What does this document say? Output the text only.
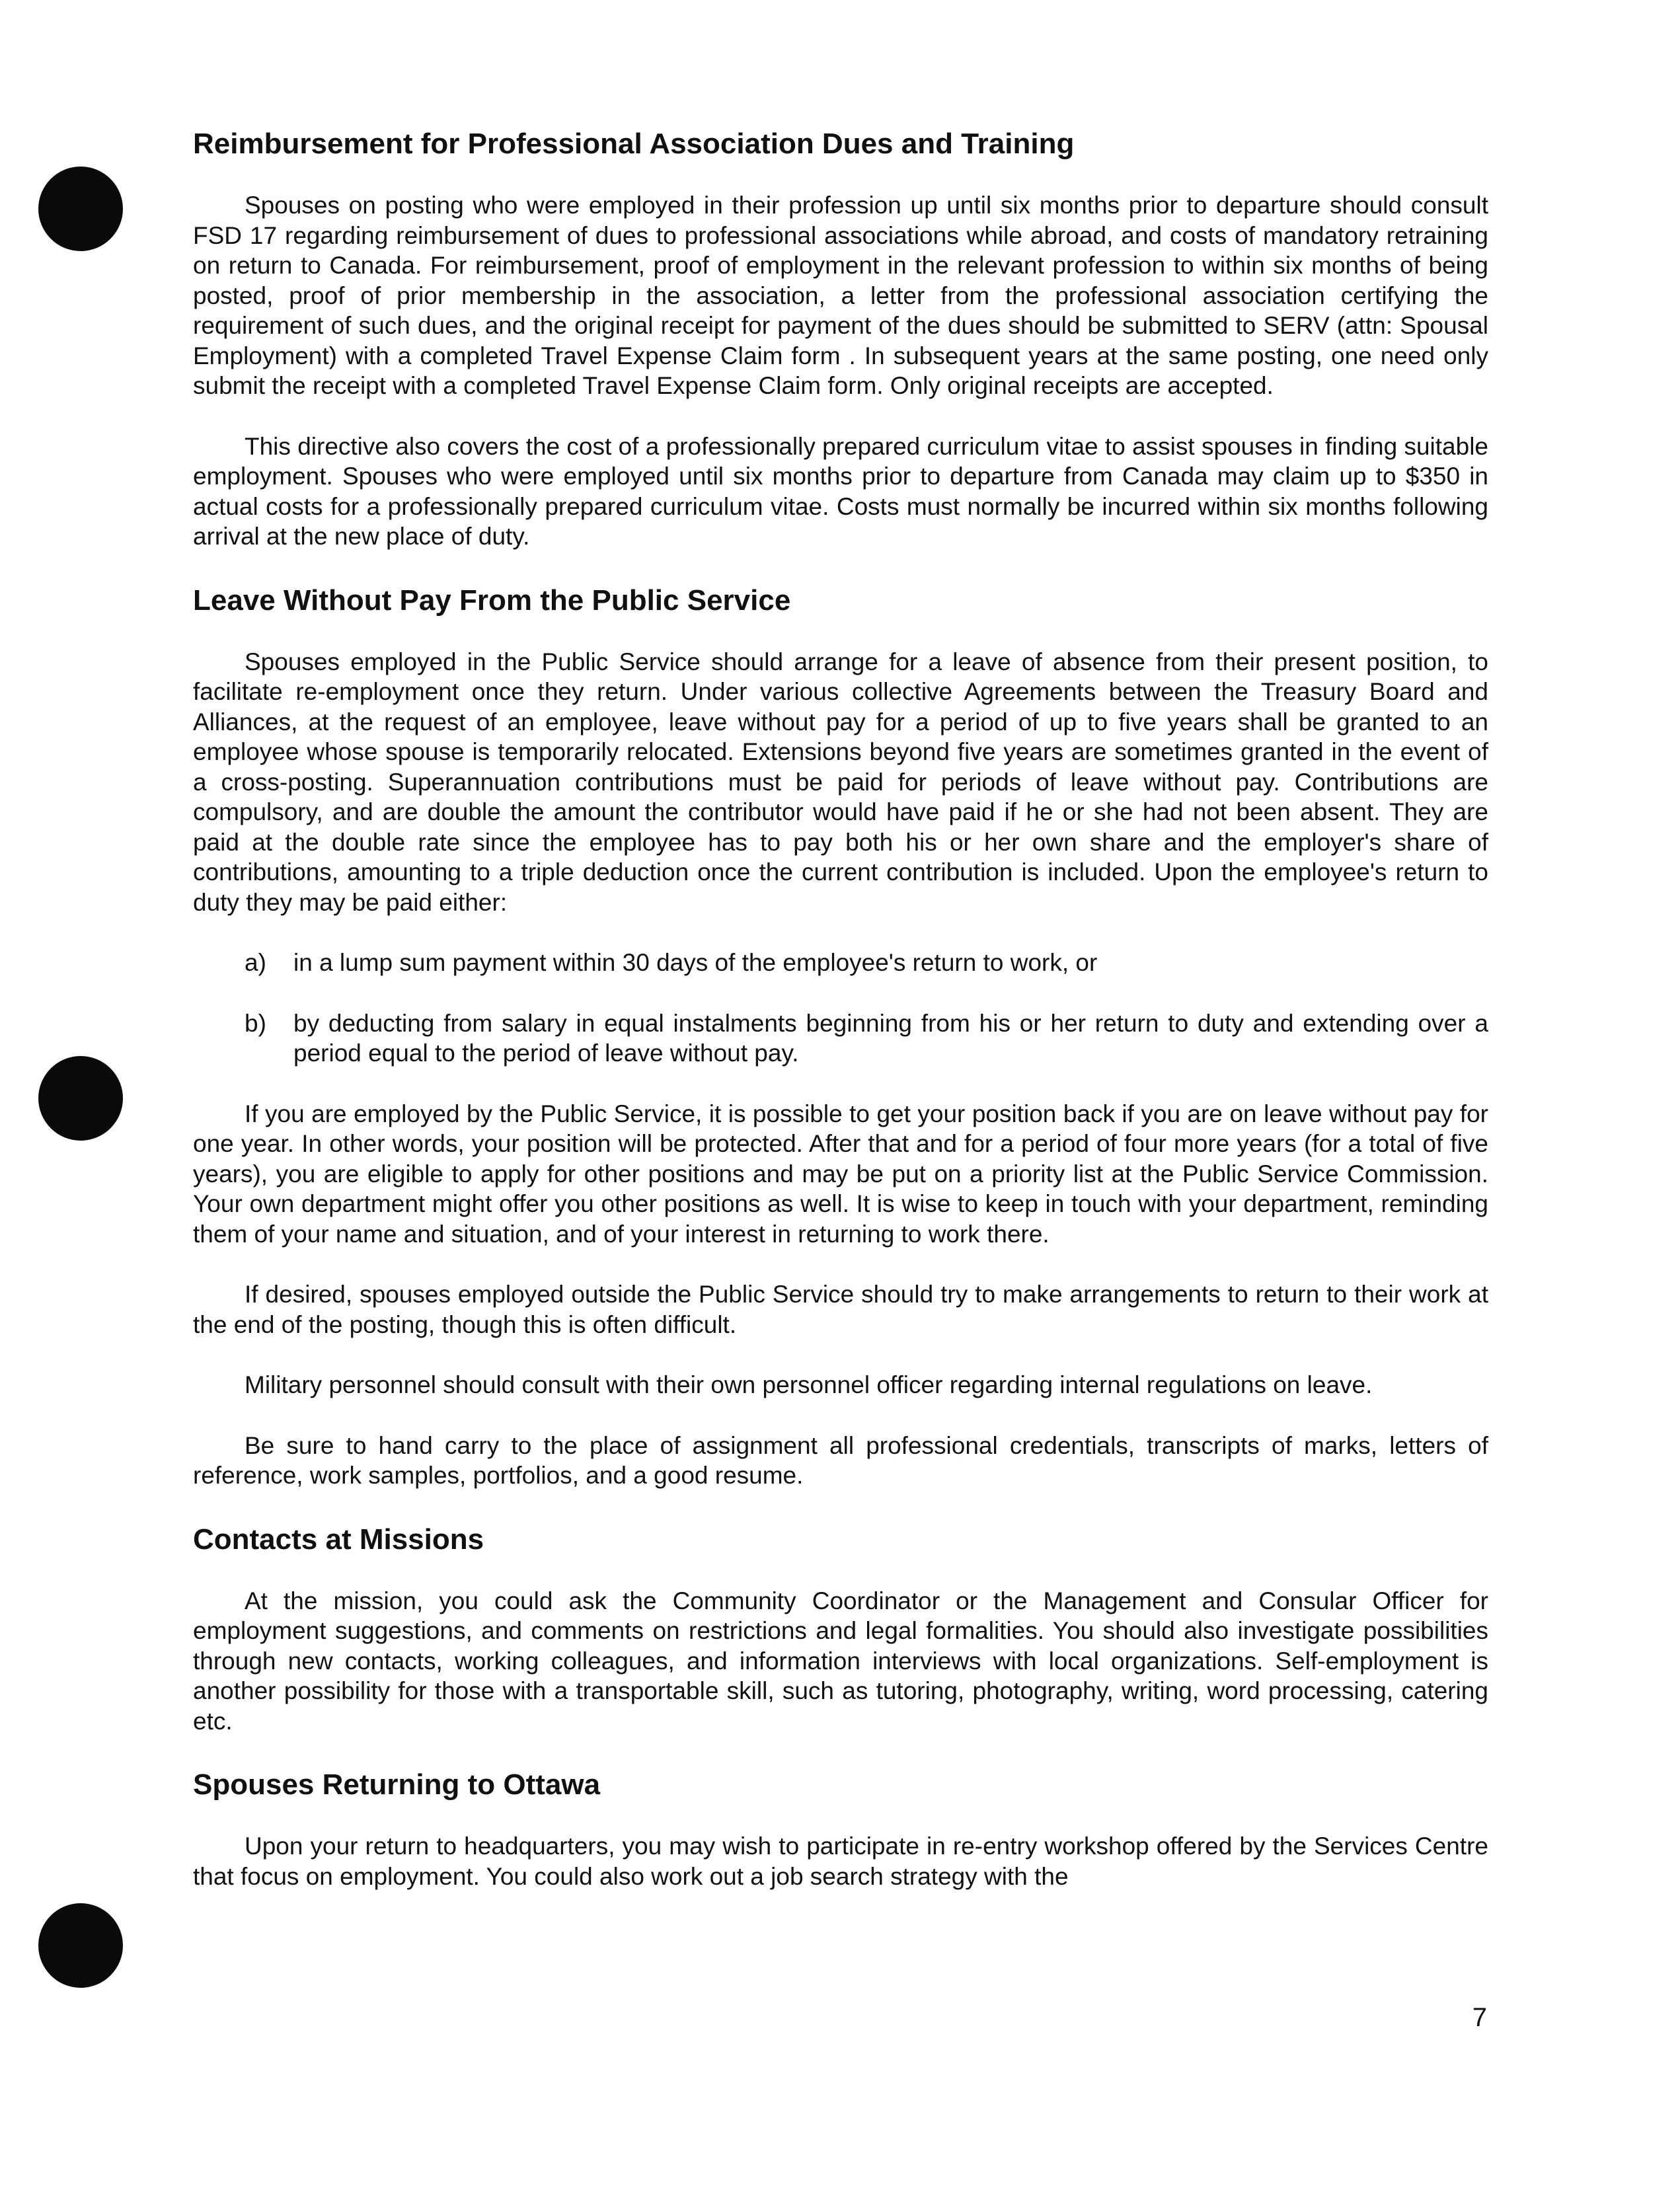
Reimbursement for Professional Association Dues and Training

Spouses on posting who were employed in their profession up until six months prior to departure should consult FSD 17 regarding reimbursement of dues to professional associations while abroad, and costs of mandatory retraining on return to Canada. For reimbursement, proof of employment in the relevant profession to within six months of being posted, proof of prior membership in the association, a letter from the professional association certifying the requirement of such dues, and the original receipt for payment of the dues should be submitted to SERV (attn: Spousal Employment) with a completed Travel Expense Claim form . In subsequent years at the same posting, one need only submit the receipt with a completed Travel Expense Claim form. Only original receipts are accepted.

This directive also covers the cost of a professionally prepared curriculum vitae to assist spouses in finding suitable employment. Spouses who were employed until six months prior to departure from Canada may claim up to $350 in actual costs for a professionally prepared curriculum vitae. Costs must normally be incurred within six months following arrival at the new place of duty.

Leave Without Pay From the Public Service

Spouses employed in the Public Service should arrange for a leave of absence from their present position, to facilitate re-employment once they return. Under various collective Agreements between the Treasury Board and Alliances, at the request of an employee, leave without pay for a period of up to five years shall be granted to an employee whose spouse is temporarily relocated. Extensions beyond five years are sometimes granted in the event of a cross-posting. Superannuation contributions must be paid for periods of leave without pay. Contributions are compulsory, and are double the amount the contributor would have paid if he or she had not been absent. They are paid at the double rate since the employee has to pay both his or her own share and the employer's share of contributions, amounting to a triple deduction once the current contribution is included. Upon the employee's return to duty they may be paid either:

a) in a lump sum payment within 30 days of the employee's return to work, or
b) by deducting from salary in equal instalments beginning from his or her return to duty and extending over a period equal to the period of leave without pay.

If you are employed by the Public Service, it is possible to get your position back if you are on leave without pay for one year. In other words, your position will be protected. After that and for a period of four more years (for a total of five years), you are eligible to apply for other positions and may be put on a priority list at the Public Service Commission. Your own department might offer you other positions as well. It is wise to keep in touch with your department, reminding them of your name and situation, and of your interest in returning to work there.

If desired, spouses employed outside the Public Service should try to make arrangements to return to their work at the end of the posting, though this is often difficult.

Military personnel should consult with their own personnel officer regarding internal regulations on leave.

Be sure to hand carry to the place of assignment all professional credentials, transcripts of marks, letters of reference, work samples, portfolios, and a good resume.

Contacts at Missions

At the mission, you could ask the Community Coordinator or the Management and Consular Officer for employment suggestions, and comments on restrictions and legal formalities. You should also investigate possibilities through new contacts, working colleagues, and information interviews with local organizations. Self-employment is another possibility for those with a transportable skill, such as tutoring, photography, writing, word processing, catering etc.

Spouses Returning to Ottawa

Upon your return to headquarters, you may wish to participate in re-entry workshop offered by the Services Centre that focus on employment. You could also work out a job search strategy with the

7
